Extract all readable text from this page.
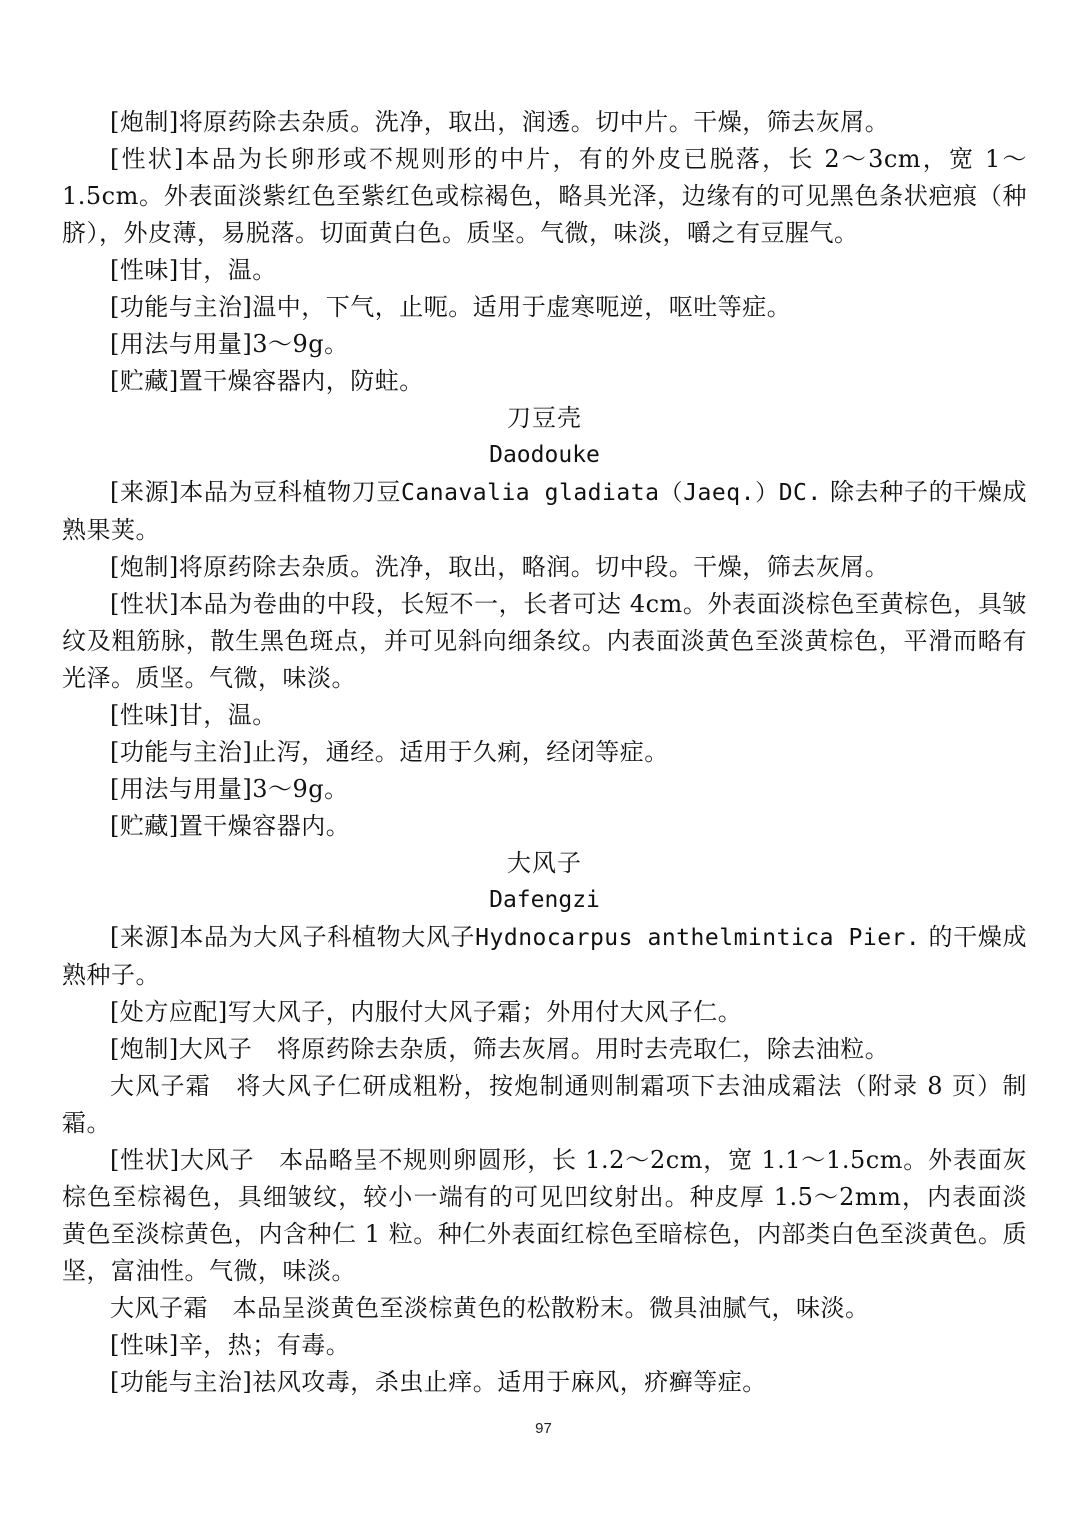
[炮制]将原药除去杂质。洗净，取出，润透。切中片。干燥，筛去灰屑。

[性状]本品为长卵形或不规则形的中片，有的外皮已脱落，长 2～3cm，宽 1～1.5cm。外表面淡紫红色至紫红色或棕褐色，略具光泽，边缘有的可见黑色条状疤痕（种脐），外皮薄，易脱落。切面黄白色。质坚。气微，味淡，嚼之有豆腥气。

[性味]甘，温。

[功能与主治]温中，下气，止呃。适用于虚寒呃逆，呕吐等症。

[用法与用量]3～9g。

[贮藏]置干燥容器内，防蛀。

刀豆壳

Daodouke

[来源]本品为豆科植物刀豆Canavalia gladiata（Jaeq.）DC. 除去种子的干燥成熟果荚。

[炮制]将原药除去杂质。洗净，取出，略润。切中段。干燥，筛去灰屑。

[性状]本品为卷曲的中段，长短不一，长者可达 4cm。外表面淡棕色至黄棕色，具皱纹及粗筋脉，散生黑色斑点，并可见斜向细条纹。内表面淡黄色至淡黄棕色，平滑而略有光泽。质坚。气微，味淡。

[性味]甘，温。

[功能与主治]止泻，通经。适用于久痢，经闭等症。

[用法与用量]3～9g。

[贮藏]置干燥容器内。

大风子

Dafengzi

[来源]本品为大风子科植物大风子Hydnocarpus anthelmintica Pier. 的干燥成熟种子。

[处方应配]写大风子，内服付大风子霜；外用付大风子仁。

[炮制]大风子　将原药除去杂质，筛去灰屑。用时去壳取仁，除去油粒。

大风子霜　将大风子仁研成粗粉，按炮制通则制霜项下去油成霜法（附录 8 页）制霜。

[性状]大风子　本品略呈不规则卵圆形，长 1.2～2cm，宽 1.1～1.5cm。外表面灰棕色至棕褐色，具细皱纹，较小一端有的可见凹纹射出。种皮厚 1.5～2mm，内表面淡黄色至淡棕黄色，内含种仁 1 粒。种仁外表面红棕色至暗棕色，内部类白色至淡黄色。质坚，富油性。气微，味淡。

大风子霜　本品呈淡黄色至淡棕黄色的松散粉末。微具油腻气，味淡。

[性味]辛，热；有毒。

[功能与主治]祛风攻毒，杀虫止痒。适用于麻风，疥癣等症。

97
